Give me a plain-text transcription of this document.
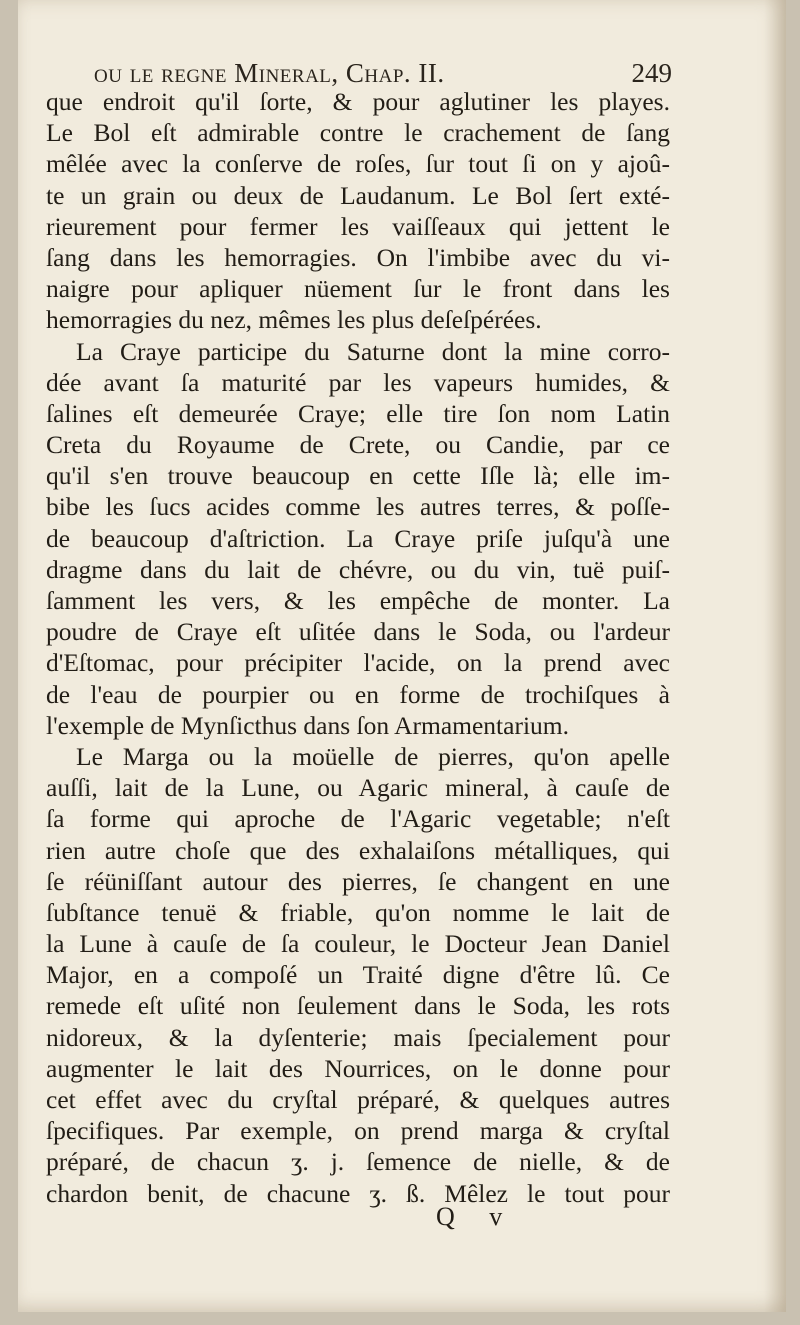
ou le regne Mineral, Chap. II.	249
que endroit qu'il ſorte, & pour aglutiner les playes.
Le Bol eſt admirable contre le crachement de ſang
mêlée avec la conſerve de roſes, ſur tout ſi on y ajoû-
te un grain ou deux de Laudanum. Le Bol ſert exté-
rieurement pour fermer les vaiſſeaux qui jettent le
ſang dans les hemorragies. On l'imbibe avec du vi-
naigre pour apliquer nüement ſur le front dans les
hemorragies du nez, mêmes les plus deſeſpérées.
La Craye participe du Saturne dont la mine corro-
dée avant ſa maturité par les vapeurs humides, &
ſalines eſt demeurée Craye; elle tire ſon nom Latin
Creta du Royaume de Crete, ou Candie, par ce
qu'il s'en trouve beaucoup en cette Iſle là; elle im-
bibe les ſucs acides comme les autres terres, & poſſe-
de beaucoup d'aſtriction. La Craye priſe juſqu'à une
dragme dans du lait de chévre, ou du vin, tuë puiſ-
ſamment les vers, & les empêche de monter. La
poudre de Craye eſt uſitée dans le Soda, ou l'ardeur
d'Eſtomac, pour précipiter l'acide, on la prend avec
de l'eau de pourpier ou en forme de trochiſques à
l'exemple de Mynſicthus dans ſon Armamentarium.
Le Marga ou la moüelle de pierres, qu'on apelle
auſſi, lait de la Lune, ou Agaric mineral, à cauſe de
ſa forme qui aproche de l'Agaric vegetable; n'eſt
rien autre choſe que des exhalaiſons métalliques, qui
ſe réüniſſant autour des pierres, ſe changent en une
ſubſtance tenuë & friable, qu'on nomme le lait de
la Lune à cauſe de ſa couleur, le Docteur Jean Daniel
Major, en a compoſé un Traité digne d'être lû. Ce
remede eſt uſité non ſeulement dans le Soda, les rots
nidoreux, & la dyſenterie; mais ſpecialement pour
augmenter le lait des Nourrices, on le donne pour
cet effet avec du cryſtal préparé, & quelques autres
ſpecifiques. Par exemple, on prend marga & cryſtal
préparé, de chacun ʒ. j. ſemence de nielle, & de
chardon benit, de chacune ʒ. ß. Mêlez le tout pour
Q v
